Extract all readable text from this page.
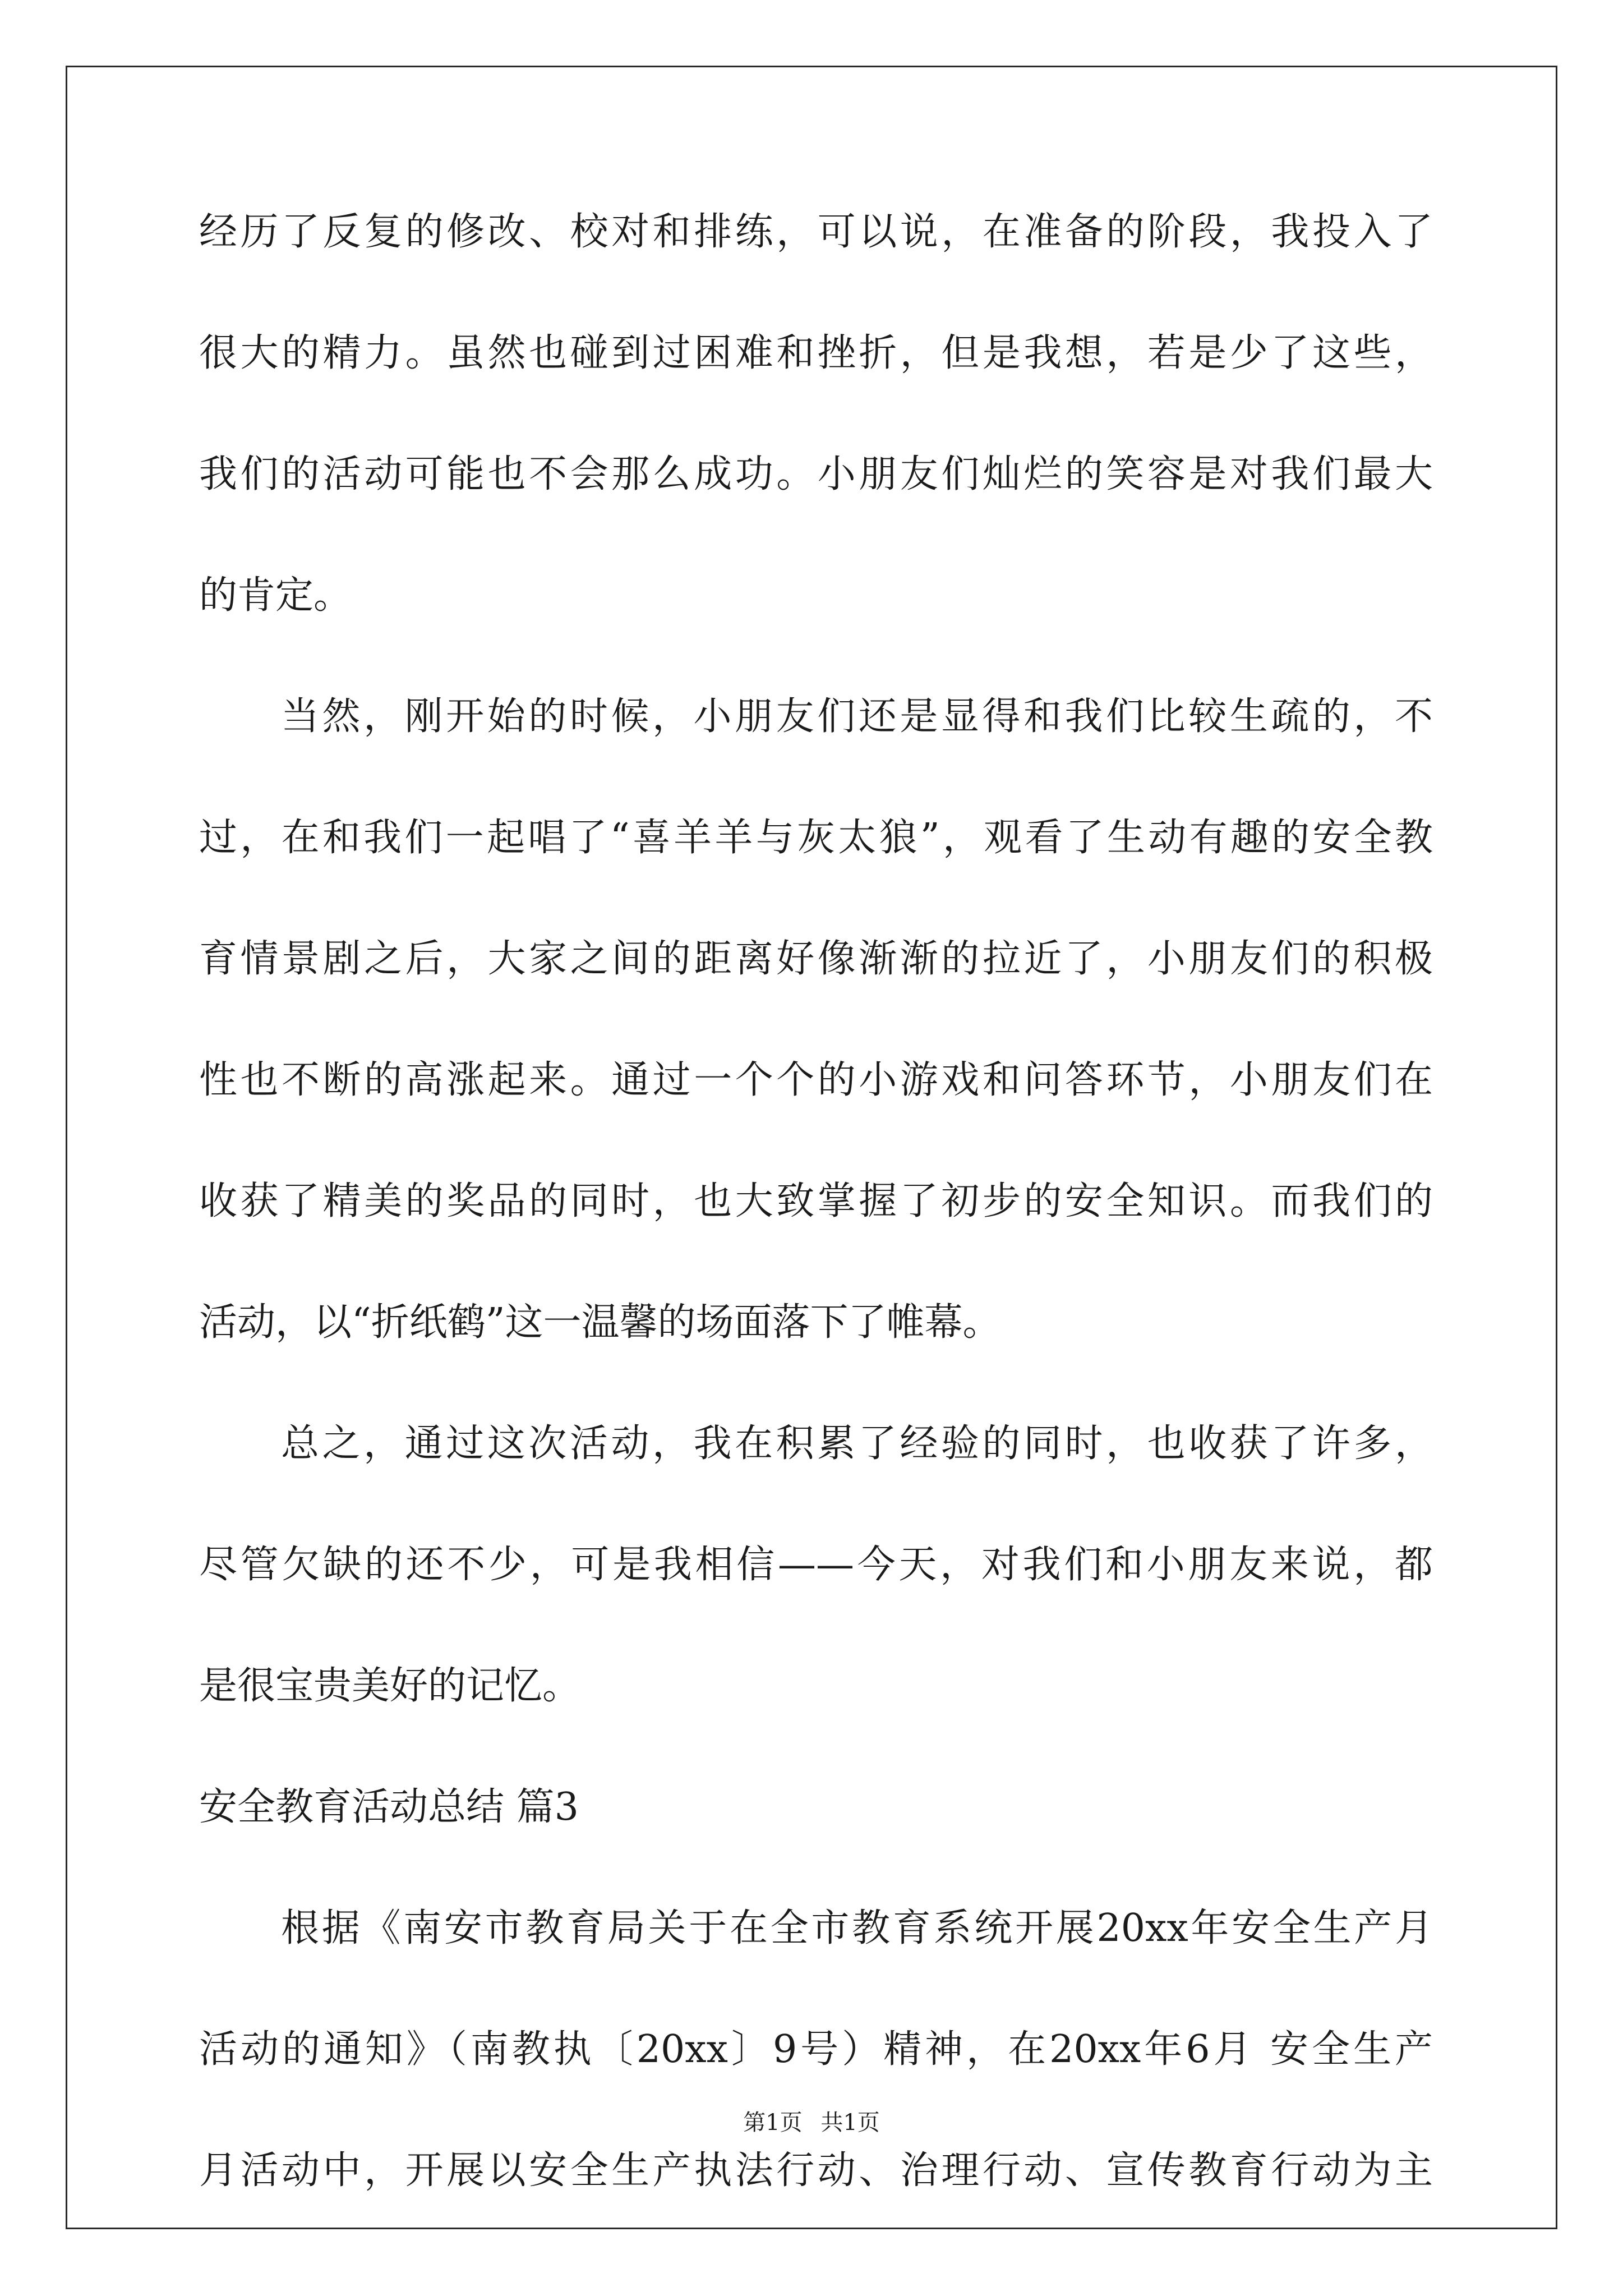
经历了反复的修改、校对和排练，可以说，在准备的阶段，我投入了
很大的精力。虽然也碰到过困难和挫折，但是我想，若是少了这些，
我们的活动可能也不会那么成功。小朋友们灿烂的笑容是对我们最大
的肯定。
当然，刚开始的时候，小朋友们还是显得和我们比较生疏的，不
过，在和我们一起唱了“喜羊羊与灰太狼”，观看了生动有趣的安全教
育情景剧之后，大家之间的距离好像渐渐的拉近了，小朋友们的积极
性也不断的高涨起来。通过一个个的小游戏和问答环节，小朋友们在
收获了精美的奖品的同时，也大致掌握了初步的安全知识。而我们的
活动，以“折纸鹤”这一温馨的场面落下了帷幕。
总之，通过这次活动，我在积累了经验的同时，也收获了许多，
尽管欠缺的还不少，可是我相信——今天，对我们和小朋友来说，都
是很宝贵美好的记忆。
安全教育活动总结 篇3
根据《南安市教育局关于在全市教育系统开展20xx年安全生产月
活动的通知》（南教执〔20xx〕9号）精神，在20xx年6月 安全生产
月活动中，开展以安全生产执法行动、治理行动、宣传教育行动为主
第1页 共1页
